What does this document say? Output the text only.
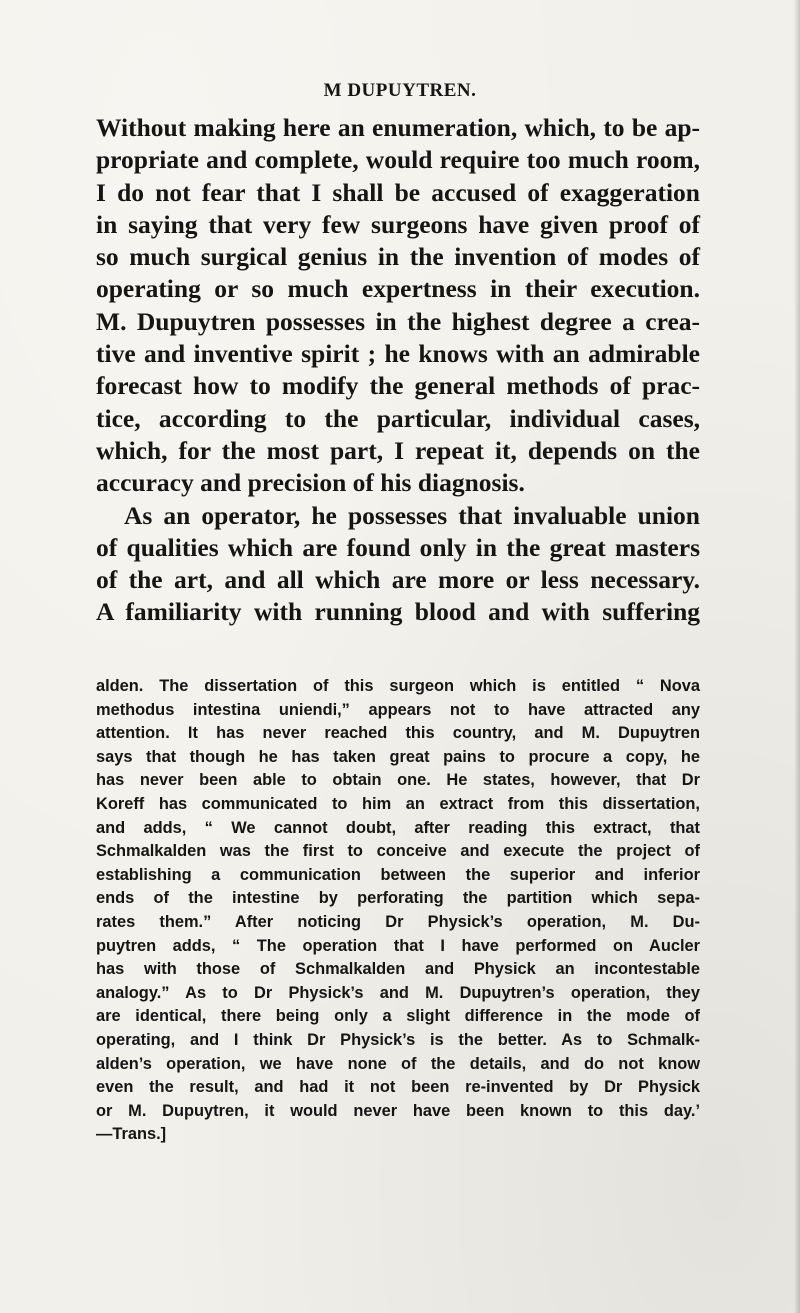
M DUPUYTREN.
Without making here an enumeration, which, to be ap-
propriate and complete, would require too much room,
I do not fear that I shall be accused of exaggeration
in saying that very few surgeons have given proof of
so much surgical genius in the invention of modes of
operating or so much expertness in their execution.
M. Dupuytren possesses in the highest degree a crea-
tive and inventive spirit ; he knows with an admirable
forecast how to modify the general methods of prac-
tice, according to the particular, individual cases,
which, for the most part, I repeat it, depends on the
accuracy and precision of his diagnosis.
As an operator, he possesses that invaluable union
of qualities which are found only in the great masters
of the art, and all which are more or less necessary.
A familiarity with running blood and with suffering
alden. The dissertation of this surgeon which is entitled “ Nova
methodus intestina uniendi,” appears not to have attracted any
attention. It has never reached this country, and M. Dupuytren
says that though he has taken great pains to procure a copy, he
has never been able to obtain one. He states, however, that Dr
Koreff has communicated to him an extract from this dissertation,
and adds, “ We cannot doubt, after reading this extract, that
Schmalkalden was the first to conceive and execute the project of
establishing a communication between the superior and inferior
ends of the intestine by perforating the partition which sepa-
rates them.” After noticing Dr Physick’s operation, M. Du-
puytren adds, “ The operation that I have performed on Aucler
has with those of Schmalkalden and Physick an incontestable
analogy.” As to Dr Physick’s and M. Dupuytren’s operation, they
are identical, there being only a slight difference in the mode of
operating, and I think Dr Physick’s is the better. As to Schmalk-
alden’s operation, we have none of the details, and do not know
even the result, and had it not been re-invented by Dr Physick
or M. Dupuytren, it would never have been known to this day.’
—Trans.]
